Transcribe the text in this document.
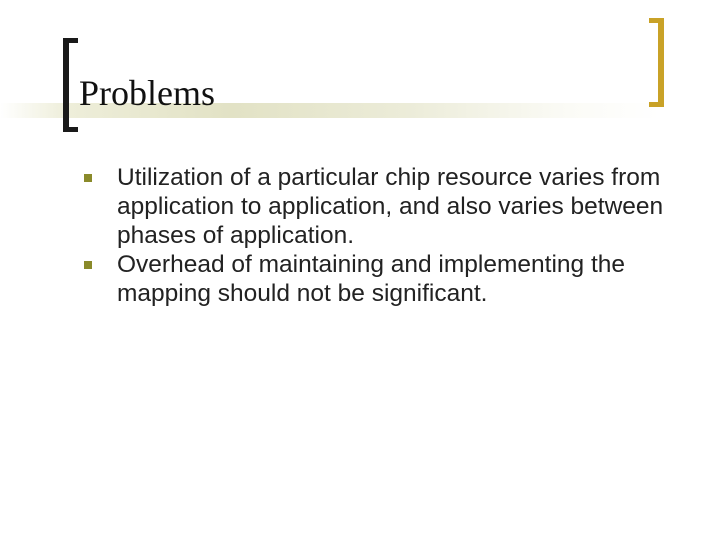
Problems
Utilization of a particular chip resource varies from application to application, and also varies between phases of application.
Overhead of maintaining and implementing the mapping should not be significant.
